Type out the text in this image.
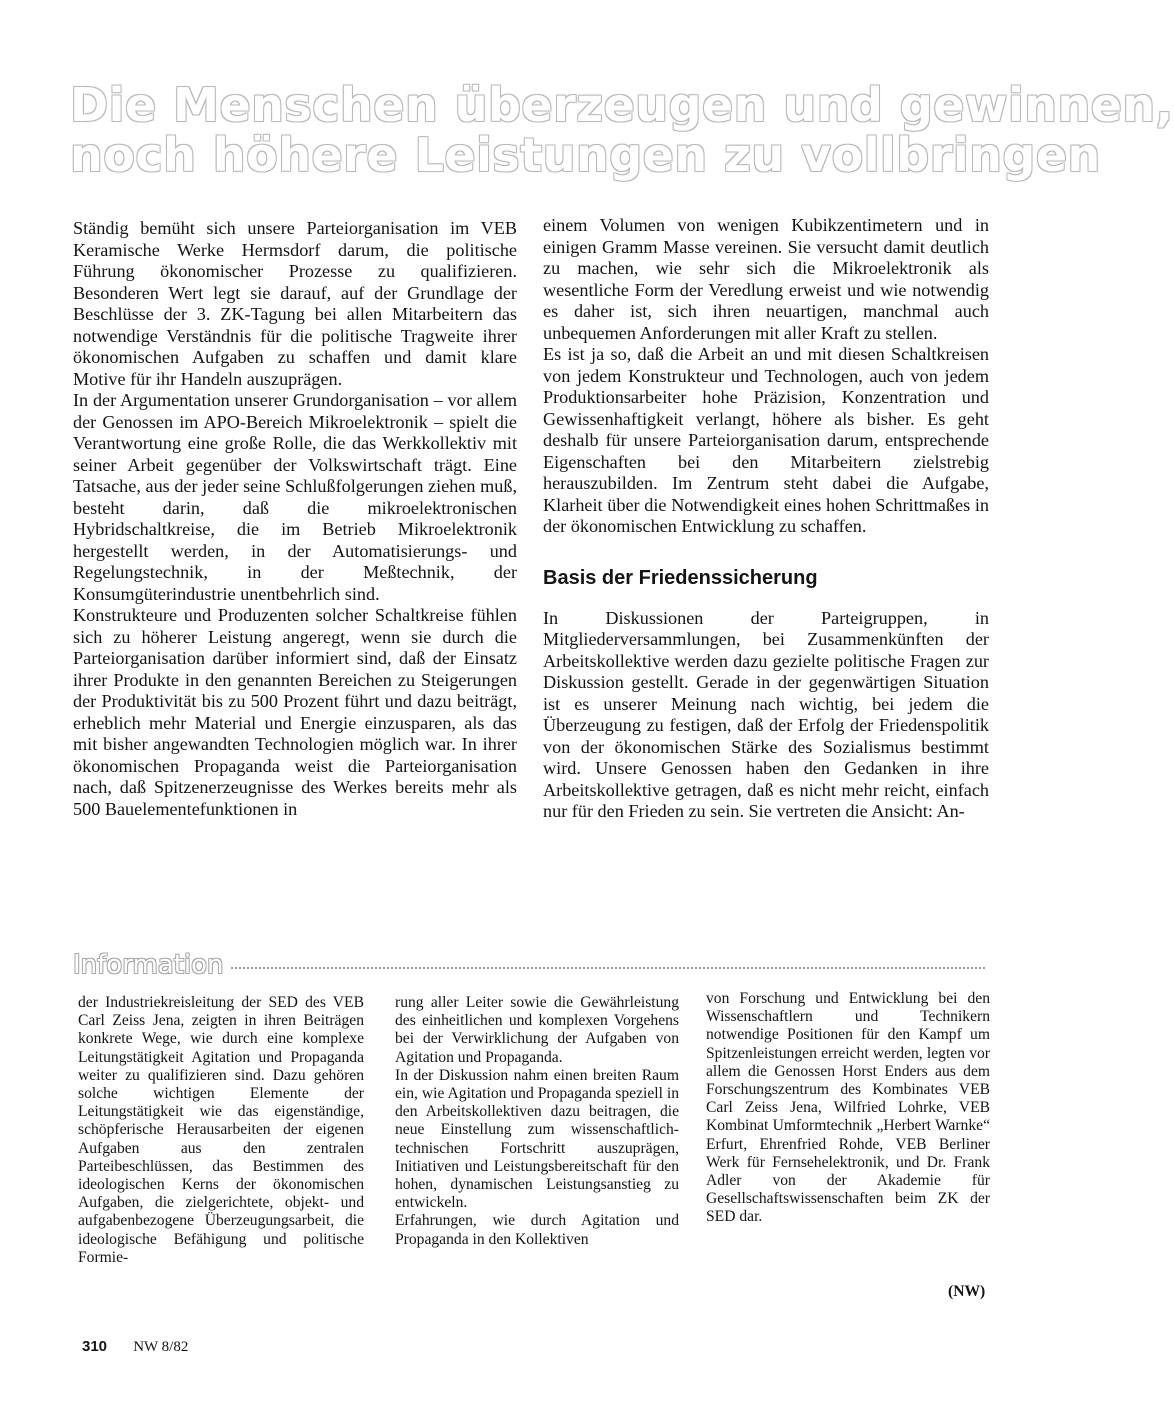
Die Menschen überzeugen und gewinnen,
noch höhere Leistungen zu vollbringen

Ständig bemüht sich unsere Parteiorganisation im VEB Keramische Werke Hermsdorf darum, die politische Führung ökonomischer Prozesse zu qualifizieren. Besonderen Wert legt sie darauf, auf der Grundlage der Beschlüsse der 3. ZK-Tagung bei allen Mitarbeitern das notwendige Verständnis für die politische Tragweite ihrer ökonomischen Aufgaben zu schaffen und damit klare Motive für ihr Handeln auszuprägen.

In der Argumentation unserer Grundorganisation – vor allem der Genossen im APO-Bereich Mikroelektronik – spielt die Verantwortung eine große Rolle, die das Werkkollektiv mit seiner Arbeit gegenüber der Volkswirtschaft trägt. Eine Tatsache, aus der jeder seine Schlußfolgerungen ziehen muß, besteht darin, daß die mikroelektronischen Hybridschaltkreise, die im Betrieb Mikroelektronik hergestellt werden, in der Automatisierungs- und Regelungstechnik, in der Meßtechnik, der Konsumgüterindustrie unentbehrlich sind.

Konstrukteure und Produzenten solcher Schaltkreise fühlen sich zu höherer Leistung angeregt, wenn sie durch die Parteiorganisation darüber informiert sind, daß der Einsatz ihrer Produkte in den genannten Bereichen zu Steigerungen der Produktivität bis zu 500 Prozent führt und dazu beiträgt, erheblich mehr Material und Energie einzusparen, als das mit bisher angewandten Technologien möglich war. In ihrer ökonomischen Propaganda weist die Parteiorganisation nach, daß Spitzenerzeugnisse des Werkes bereits mehr als 500 Bauelementefunktionen in

einem Volumen von wenigen Kubikzentimetern und in einigen Gramm Masse vereinen. Sie versucht damit deutlich zu machen, wie sehr sich die Mikroelektronik als wesentliche Form der Veredlung erweist und wie notwendig es daher ist, sich ihren neuartigen, manchmal auch unbequemen Anforderungen mit aller Kraft zu stellen.

Es ist ja so, daß die Arbeit an und mit diesen Schaltkreisen von jedem Konstrukteur und Technologen, auch von jedem Produktionsarbeiter hohe Präzision, Konzentration und Gewissenhaftigkeit verlangt, höhere als bisher. Es geht deshalb für unsere Parteiorganisation darum, entsprechende Eigenschaften bei den Mitarbeitern zielstrebig herauszubilden. Im Zentrum steht dabei die Aufgabe, Klarheit über die Notwendigkeit eines hohen Schrittmaßes in der ökonomischen Entwicklung zu schaffen.

Basis der Friedenssicherung

In Diskussionen der Parteigruppen, in Mitgliederversammlungen, bei Zusammenkünften der Arbeitskollektive werden dazu gezielte politische Fragen zur Diskussion gestellt. Gerade in der gegenwärtigen Situation ist es unserer Meinung nach wichtig, bei jedem die Überzeugung zu festigen, daß der Erfolg der Friedenspolitik von der ökonomischen Stärke des Sozialismus bestimmt wird. Unsere Genossen haben den Gedanken in ihre Arbeitskollektive getragen, daß es nicht mehr reicht, einfach nur für den Frieden zu sein. Sie vertreten die Ansicht: An-

Information

der Industriekreisleitung der SED des VEB Carl Zeiss Jena, zeigten in ihren Beiträgen konkrete Wege, wie durch eine komplexe Leitungstätigkeit Agitation und Propaganda weiter zu qualifizieren sind. Dazu gehören solche wichtigen Elemente der Leitungstätigkeit wie das eigenständige, schöpferische Herausarbeiten der eigenen Aufgaben aus den zentralen Parteibeschlüssen, das Bestimmen des ideologischen Kerns der ökonomischen Aufgaben, die zielgerichtete, objekt- und aufgabenbezogene Überzeugungsarbeit, die ideologische Befähigung und politische Formie-

rung aller Leiter sowie die Gewährleistung des einheitlichen und komplexen Vorgehens bei der Verwirklichung der Aufgaben von Agitation und Propaganda.

In der Diskussion nahm einen breiten Raum ein, wie Agitation und Propaganda speziell in den Arbeitskollektiven dazu beitragen, die neue Einstellung zum wissenschaftlich-technischen Fortschritt auszuprägen, Initiativen und Leistungsbereitschaft für den hohen, dynamischen Leistungsanstieg zu entwickeln.

Erfahrungen, wie durch Agitation und Propaganda in den Kollektiven

von Forschung und Entwicklung bei den Wissenschaftlern und Technikern notwendige Positionen für den Kampf um Spitzenleistungen erreicht werden, legten vor allem die Genossen Horst Enders aus dem Forschungszentrum des Kombinates VEB Carl Zeiss Jena, Wilfried Lohrke, VEB Kombinat Umformtechnik „Herbert Warnke“ Erfurt, Ehrenfried Rohde, VEB Berliner Werk für Fernsehelektronik, und Dr. Frank Adler von der Akademie für Gesellschaftswissenschaften beim ZK der SED dar.

(NW)
310 NW 8/82
